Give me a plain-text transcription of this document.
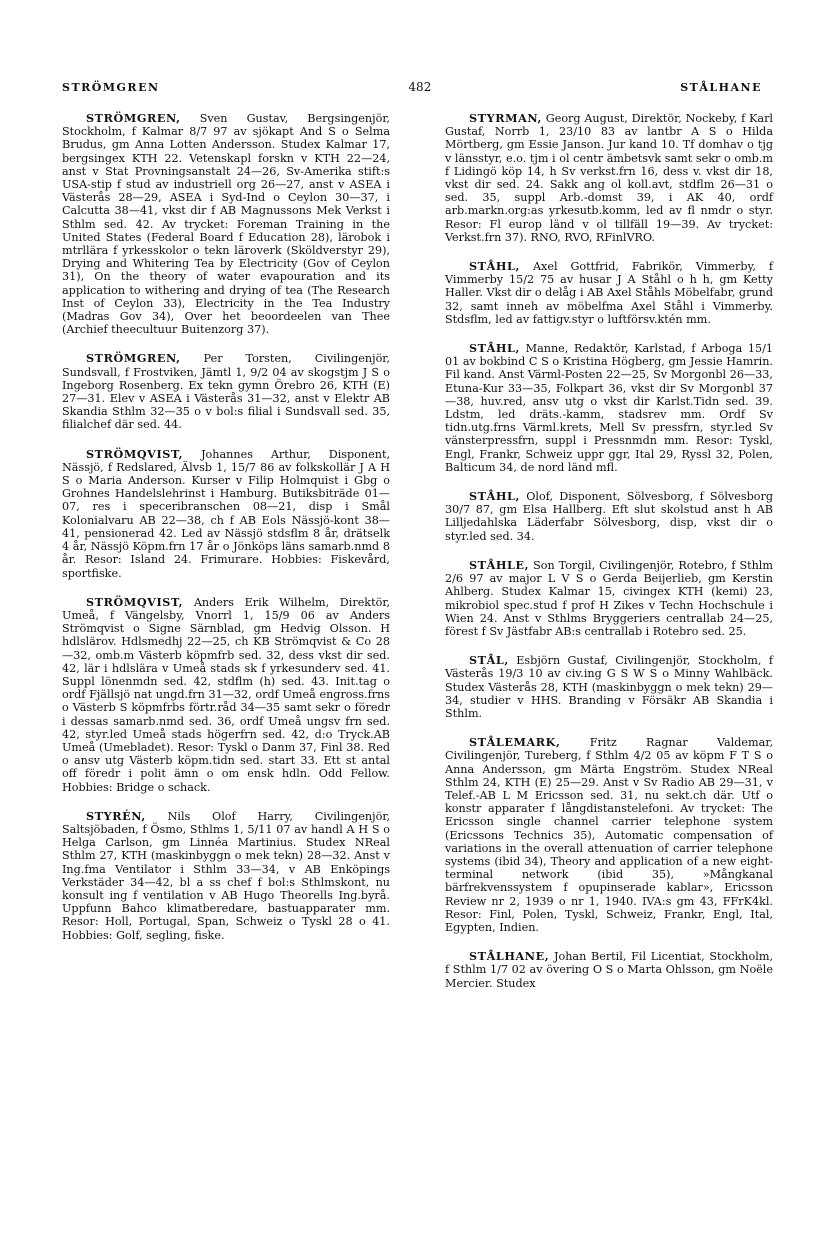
STRÖMGREN	482	STÅLHANE

STRÖMGREN, Sven Gustav, Bergsingenjör, Stockholm, f Kalmar 8/7 97 av sjökapt And S o Selma Brudus, gm Anna Lotten Andersson. Studex Kalmar 17, bergsingex KTH 22. Vetenskapl forskn v KTH 22—24, anst v Stat Provningsanstalt 24—26, Sv-Amerika stift:s USA-stip f stud av industriell org 26—27, anst v ASEA i Västerås 28—29, ASEA i Syd-Ind o Ceylon 30—37, i Calcutta 38—41, vkst dir f AB Magnussons Mek Verkst i Sthlm sed. 42. Av trycket: Foreman Training in the United States (Federal Board f Education 28), lärobok i mtrllära f yrkesskolor o tekn läroverk (Sköldverstyr 29), Drying and Whitering Tea by Electricity (Gov of Ceylon 31), On the theory of water evapouration and its application to withering and drying of tea (The Research Inst of Ceylon 33), Electricity in the Tea Industry (Madras Gov 34), Over het beoordeelen van Thee (Archief theecultuur Buitenzorg 37).

STRÖMGREN, Per Torsten, Civilingenjör, Sundsvall, f Frostviken, Jämtl 1, 9/2 04 av skogstjm J S o Ingeborg Rosenberg. Ex tekn gymn Örebro 26, KTH (E) 27—31. Elev v ASEA i Västerås 31—32, anst v Elektr AB Skandia Sthlm 32—35 o v bol:s filial i Sundsvall sed. 35, filialchef där sed. 44.

STRÖMQVIST, Johannes Arthur, Disponent, Nässjö, f Redslared, Älvsb 1, 15/7 86 av folkskollär J A H S o Maria Anderson. Kurser v Filip Holmquist i Gbg o Grohnes Handelslehrinst i Hamburg. Butiksbiträde 01—07, res i speceribranschen 08—21, disp i Smål Kolonialvaru AB 22—38, ch f AB Eols Nässjö-kont 38—41, pensionerad 42. Led av Nässjö stdsflm 8 år, drätselk 4 år, Nässjö Köpm.frn 17 år o Jönköps läns samarb.nmd 8 år. Resor: Island 24. Frimurare. Hobbies: Fiskevård, sportfiske.

STRÖMQVIST, Anders Erik Wilhelm, Direktör, Umeå, f Vängelsby, Vnorrl 1, 15/9 06 av Anders Strömqvist o Signe Särnblad, gm Hedvig Olsson. H hdlslärov. Hdlsmedhj 22—25, ch KB Strömqvist & Co 28—32, omb.m Västerb köpmfrb sed. 32, dess vkst dir sed. 42, lär i hdlslära v Umeå stads sk f yrkesunderv sed. 41. Suppl lönenmdn sed. 42, stdflm (h) sed. 43. Init.tag o ordf Fjällsjö nat ungd.frn 31—32, ordf Umeå engross.frns o Västerb S köpmfrbs förtr.råd 34—35 samt sekr o föredr i dessas samarb.nmd sed. 36, ordf Umeå ungsv frn sed. 42, styr.led Umeå stads högerfrn sed. 42, d:o Tryck.AB Umeå (Umebladet). Resor: Tyskl o Danm 37, Finl 38. Red o ansv utg Västerb köpm.tidn sed. start 33. Ett st antal off föredr i polit ämn o om ensk hdln. Odd Fellow. Hobbies: Bridge o schack.

STYRÉN, Nils Olof Harry, Civilingenjör, Saltsjöbaden, f Ösmo, Sthlms 1, 5/11 07 av handl A H S o Helga Carlson, gm Linnéa Martinius. Studex NReal Sthlm 27, KTH (maskinbyggn o mek tekn) 28—32. Anst v Ing.fma Ventilator i Sthlm 33—34, v AB Enköpings Verkstäder 34—42, bl a ss chef f bol:s Sthlmskont, nu konsult ing f ventilation v AB Hugo Theorells Ing.byrå. Uppfunn Bahco klimatberedare, bastuapparater mm. Resor: Holl, Portugal, Span, Schweiz o Tyskl 28 o 41. Hobbies: Golf, segling, fiske.

STYRMAN, Georg August, Direktör, Nockeby, f Karl Gustaf, Norrb 1, 23/10 83 av lantbr A S o Hilda Mörtberg, gm Essie Janson. Jur kand 10. Tf domhav o tjg v länsstyr, e.o. tjm i ol centr ämbetsvk samt sekr o omb.m f Lidingö köp 14, h Sv verkst.frn 16, dess v. vkst dir 18, vkst dir sed. 24. Sakk ang ol koll.avt, stdflm 26—31 o sed. 35, suppl Arb.-domst 39, i AK 40, ordf arb.markn.org:as yrkesutb.komm, led av fl nmdr o styr. Resor: Fl europ länd v ol tillfäll 19—39. Av trycket: Verkst.frn 37). RNO, RVO, RFinlVRO.

STÅHL, Axel Gottfrid, Fabrikör, Vimmerby, f Vimmerby 15/2 75 av husar J A Ståhl o h h, gm Ketty Haller. Vkst dir o delåg i AB Axel Ståhls Möbelfabr, grund 32, samt inneh av möbelfma Axel Ståhl i Vimmerby. Stdsflm, led av fattigv.styr o luftförsv.ktén mm.

STÅHL, Manne, Redaktör, Karlstad, f Arboga 15/1 01 av bokbind C S o Kristina Högberg, gm Jessie Hamrin. Fil kand. Anst Värml-Posten 22—25, Sv Morgonbl 26—33, Etuna-Kur 33—35, Folkpart 36, vkst dir Sv Morgonbl 37—38, huv.red, ansv utg o vkst dir Karlst.Tidn sed. 39. Ldstm, led dräts.-kamm, stadsrev mm. Ordf Sv tidn.utg.frns Värml.krets, Mell Sv pressfrn, styr.led Sv vänsterpressfrn, suppl i Pressnmdn mm. Resor: Tyskl, Engl, Frankr, Schweiz uppr ggr, Ital 29, Ryssl 32, Polen, Balticum 34, de nord länd mfl.

STÅHL, Olof, Disponent, Sölvesborg, f Sölvesborg 30/7 87, gm Elsa Hallberg. Eft slut skolstud anst h AB Lilljedahlska Läderfabr Sölvesborg, disp, vkst dir o styr.led sed. 34.

STÅHLE, Son Torgil, Civilingenjör, Rotebro, f Sthlm 2/6 97 av major L V S o Gerda Beijerlieb, gm Kerstin Ahlberg. Studex Kalmar 15, civingex KTH (kemi) 23, mikrobiol spec.stud f prof H Zikes v Techn Hochschule i Wien 24. Anst v Sthlms Bryggeriers centrallab 24—25, förest f Sv Jästfabr AB:s centrallab i Rotebro sed. 25.

STÅL, Esbjörn Gustaf, Civilingenjör, Stockholm, f Västerås 19/3 10 av civ.ing G S W S o Minny Wahlbäck. Studex Västerås 28, KTH (maskinbyggn o mek tekn) 29—34, studier v HHS. Branding v Försäkr AB Skandia i Sthlm.

STÅLEMARK, Fritz Ragnar Valdemar, Civilingenjör, Tureberg, f Sthlm 4/2 05 av köpm F T S o Anna Andersson, gm Märta Engström. Studex NReal Sthlm 24, KTH (E) 25—29. Anst v Sv Radio AB 29—31, v Telef.-AB L M Ericsson sed. 31, nu sekt.ch där. Utf o konstr apparater f långdistanstelefoni. Av trycket: The Ericsson single channel carrier telephone system (Ericssons Technics 35), Automatic compensation of variations in the overall attenuation of carrier telephone systems (ibid 34), Theory and application of a new eight-terminal network (ibid 35), »Mångkanal bärfrekvenssystem f opupinserade kablar», Ericsson Review nr 2, 1939 o nr 1, 1940. IVA:s gm 43, FFrK4kl. Resor: Finl, Polen, Tyskl, Schweiz, Frankr, Engl, Ital, Egypten, Indien.

STÅLHANE, Johan Bertil, Fil Licentiat, Stockholm, f Sthlm 1/7 02 av övering O S o Marta Ohlsson, gm Noële Mercier. Studex
